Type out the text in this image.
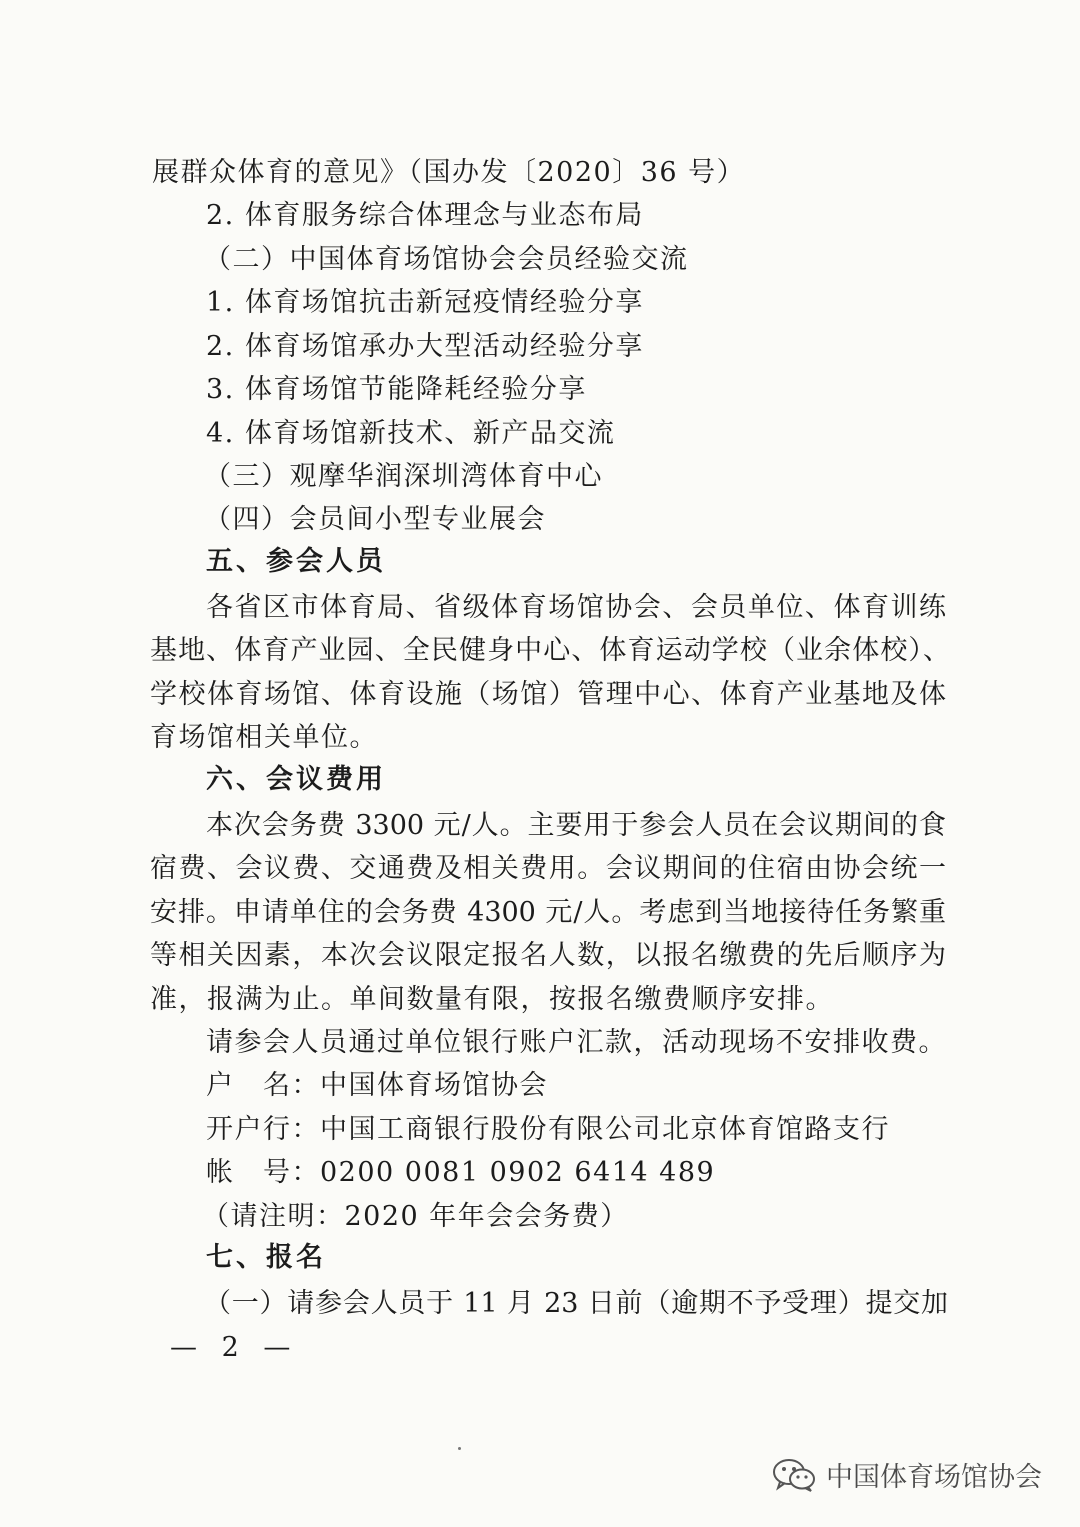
展群众体育的意见》（国办发〔2020〕36 号）
2. 体育服务综合体理念与业态布局
（二）中国体育场馆协会会员经验交流
1. 体育场馆抗击新冠疫情经验分享
2. 体育场馆承办大型活动经验分享
3. 体育场馆节能降耗经验分享
4. 体育场馆新技术、新产品交流
（三）观摩华润深圳湾体育中心
（四）会员间小型专业展会
五、参会人员
各省区市体育局、省级体育场馆协会、会员单位、体育训练
基地、体育产业园、全民健身中心、体育运动学校（业余体校）、
学校体育场馆、体育设施（场馆）管理中心、体育产业基地及体
育场馆相关单位。
六、会议费用
本次会务费 3300 元/人。主要用于参会人员在会议期间的食
宿费、会议费、交通费及相关费用。会议期间的住宿由协会统一
安排。申请单住的会务费 4300 元/人。考虑到当地接待任务繁重
等相关因素，本次会议限定报名人数，以报名缴费的先后顺序为
准，报满为止。单间数量有限，按报名缴费顺序安排。
请参会人员通过单位银行账户汇款，活动现场不安排收费。
户　名：中国体育场馆协会
开户行：中国工商银行股份有限公司北京体育馆路支行
帐　号：0200 0081 0902 6414 489
（请注明：2020 年年会会务费）
七、报名
（一）请参会人员于 11 月 23 日前（逾期不予受理）提交加
— 2 —
中国体育场馆协会
